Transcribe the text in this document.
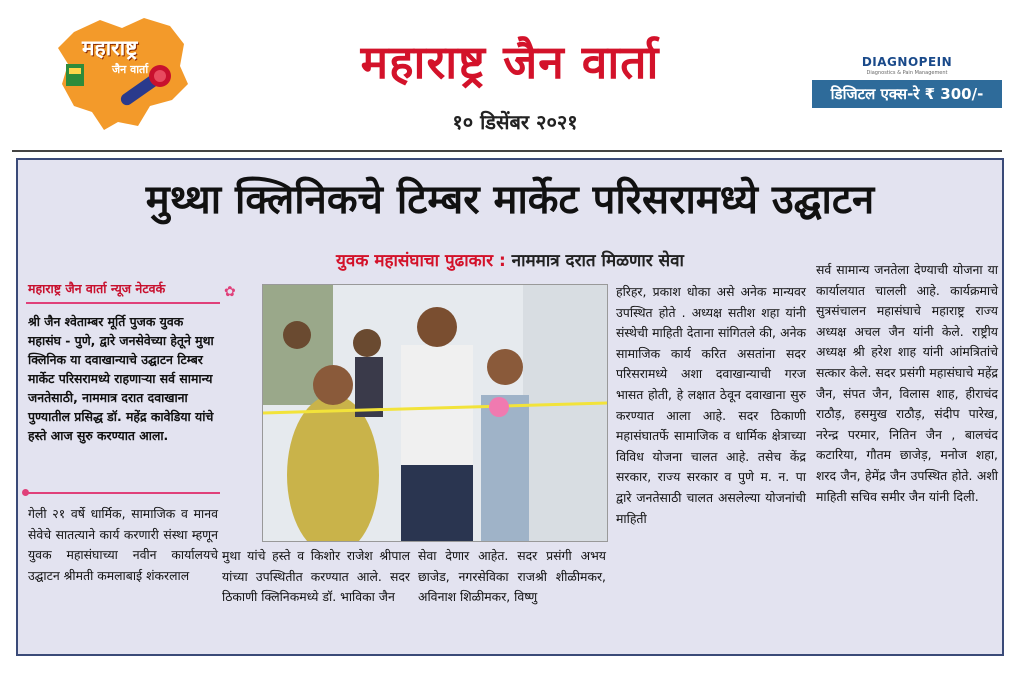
महाराष्ट्र
जैन वार्ता	महाराष्ट्र जैन वार्ता
१० डिसेंबर २०२१
DIAGNOPEIN
Diagnostics & Pain Management
डिजिटल एक्स-रे ₹ 300/-
मुथ्था क्लिनिकचे टिम्बर मार्केट परिसरामध्ये उद्घाटन
युवक महासंघाचा पुढाकार : नाममात्र दरात मिळणार सेवा
महाराष्ट्र जैन वार्ता न्यूज नेटवर्क
श्री जैन श्वेताम्बर मूर्ति पुजक युवक महासंघ - पुणे, द्वारे जनसेवेच्या हेतूने मुथा क्लिनिक या दवाखान्याचे उद्घाटन टिम्बर मार्केट परिसरामध्ये राहणाऱ्या सर्व सामान्य जनतेसाठी, नाममात्र दरात दवाखाना पुण्यातील प्रसिद्ध डॉ. महेंद्र कावेडिया यांचे हस्ते आज सुरु करण्यात आला.
गेली २१ वर्षे धार्मिक, सामाजिक व मानव सेवेचे सातत्याने कार्य करणारी संस्था म्हणून युवक महासंघाच्या नवीन कार्यालयचे उद्घाटन श्रीमती कमलाबाई शंकरलाल
✿
मुथा यांचे हस्ते व किशोर राजेश श्रीपाल यांच्या उपस्थितीत करण्यात आले. सदर ठिकाणी क्लिनिकमध्ये डॉ. भाविका जैन
सेवा देणार आहेत. सदर प्रसंगी अभय छाजेड, नगरसेविका राजश्री शीळीमकर, अविनाश शिळीमकर, विष्णु
हरिहर, प्रकाश धोका असे अनेक मान्यवर उपस्थित होते . अध्यक्ष सतीश शहा यांनी संस्थेची माहिती देताना सांगितले की, अनेक सामाजिक कार्य करित असतांना सदर परिसरामध्ये अशा दवाखान्याची गरज भासत होती, हे लक्षात ठेवून दवाखाना सुरु करण्यात आला आहे. सदर ठिकाणी महासंघातर्फे सामाजिक व धार्मिक क्षेत्राच्या विविध योजना चालत आहे. तसेच केंद्र सरकार, राज्य सरकार व पुणे म. न. पा द्वारे जनतेसाठी चालत असलेल्या योजनांची माहिती
सर्व सामान्य जनतेला देण्याची योजना या कार्यालयात चालली आहे. कार्यक्रमाचे सुत्रसंचालन महासंघाचे महाराष्ट्र राज्य अध्यक्ष अचल जैन यांनी केले. राष्ट्रीय अध्यक्ष श्री हरेश शाह यांनी आंमत्रितांचे सत्कार केले. सदर प्रसंगी महासंघाचे महेंद्र जैन, संपत जैन, विलास शाह, हीराचंद राठौड़, हसमुख राठौड़, संदीप पारेख, नरेन्द्र परमार, नितिन जैन , बालचंद कटारिया, गौतम छाजेड़, मनोज शहा, शरद जैन, हेमेंद्र जैन उपस्थित होते. अशी माहिती सचिव समीर जैन यांनी दिली.
